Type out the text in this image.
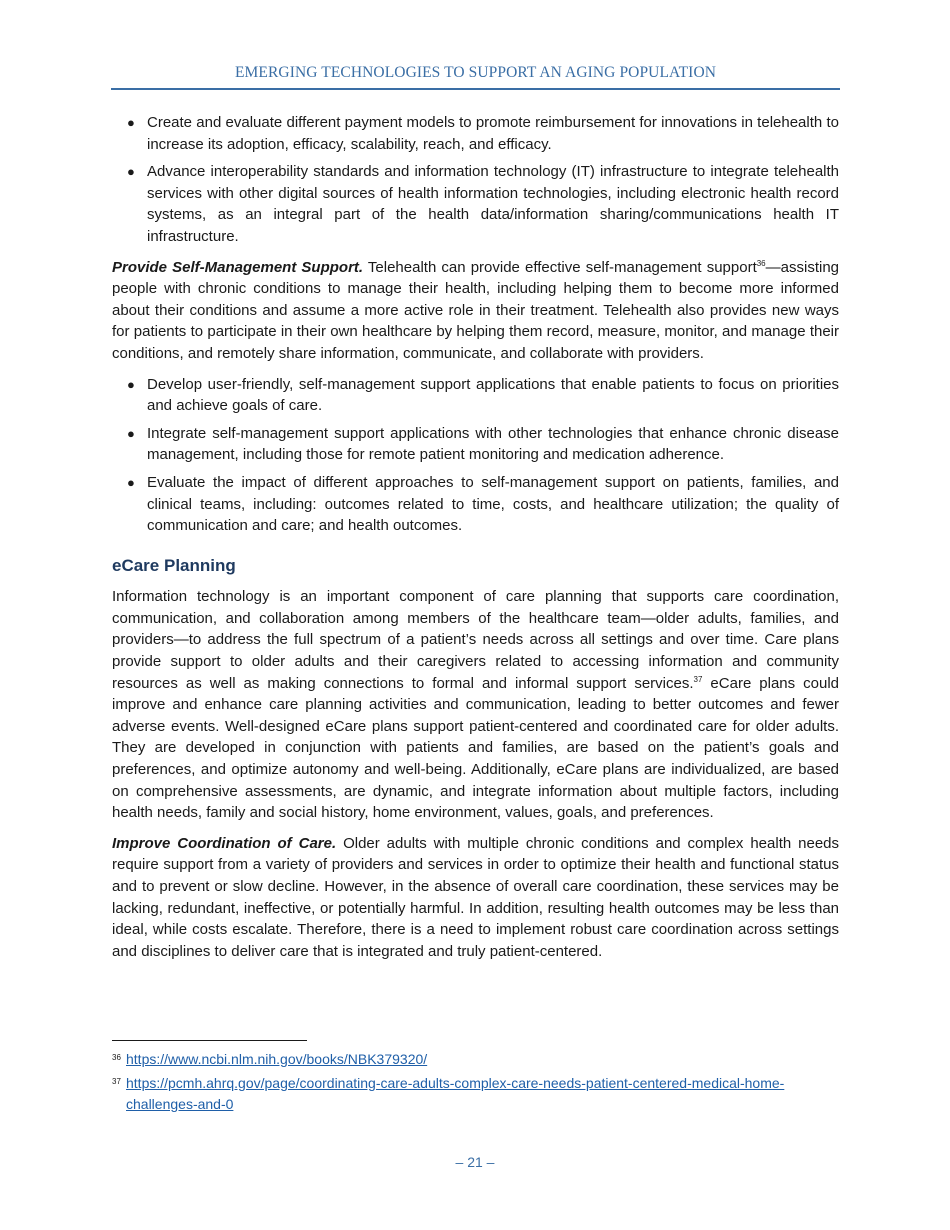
EMERGING TECHNOLOGIES TO SUPPORT AN AGING POPULATION
● Create and evaluate different payment models to promote reimbursement for innovations in telehealth to increase its adoption, efficacy, scalability, reach, and efficacy.
● Advance interoperability standards and information technology (IT) infrastructure to integrate telehealth services with other digital sources of health information technologies, including electronic health record systems, as an integral part of the health data/information sharing/communications health IT infrastructure.

Provide Self-Management Support. Telehealth can provide effective self-management support$^{36}$—assisting people with chronic conditions to manage their health, including helping them to become more informed about their conditions and assume a more active role in their treatment. Telehealth also provides new ways for patients to participate in their own healthcare by helping them record, measure, monitor, and manage their conditions, and remotely share information, communicate, and collaborate with providers.

● Develop user-friendly, self-management support applications that enable patients to focus on priorities and achieve goals of care.
● Integrate self-management support applications with other technologies that enhance chronic disease management, including those for remote patient monitoring and medication adherence.
● Evaluate the impact of different approaches to self-management support on patients, families, and clinical teams, including: outcomes related to time, costs, and healthcare utilization; the quality of communication and care; and health outcomes.
eCare Planning

Information technology is an important component of care planning that supports care coordination, communication, and collaboration among members of the healthcare team—older adults, families, and providers—to address the full spectrum of a patient’s needs across all settings and over time. Care plans provide support to older adults and their caregivers related to accessing information and community resources as well as making connections to formal and informal support services.$^{37}$ eCare plans could improve and enhance care planning activities and communication, leading to better outcomes and fewer adverse events. Well-designed eCare plans support patient-centered and coordinated care for older adults. They are developed in conjunction with patients and families, are based on the patient’s goals and preferences, and optimize autonomy and well-being. Additionally, eCare plans are individualized, are based on comprehensive assessments, are dynamic, and integrate information about multiple factors, including health needs, family and social history, home environment, values, goals, and preferences.

Improve Coordination of Care. Older adults with multiple chronic conditions and complex health needs require support from a variety of providers and services in order to optimize their health and functional status and to prevent or slow decline. However, in the absence of overall care coordination, these services may be lacking, redundant, ineffective, or potentially harmful. In addition, resulting health outcomes may be less than ideal, while costs escalate. Therefore, there is a need to implement robust care coordination across settings and disciplines to deliver care that is integrated and truly patient-centered.

36 https://www.ncbi.nlm.nih.gov/books/NBK379320/
37 https://pcmh.ahrq.gov/page/coordinating-care-adults-complex-care-needs-patient-centered-medical-home-challenges-and-0
– 21 –
